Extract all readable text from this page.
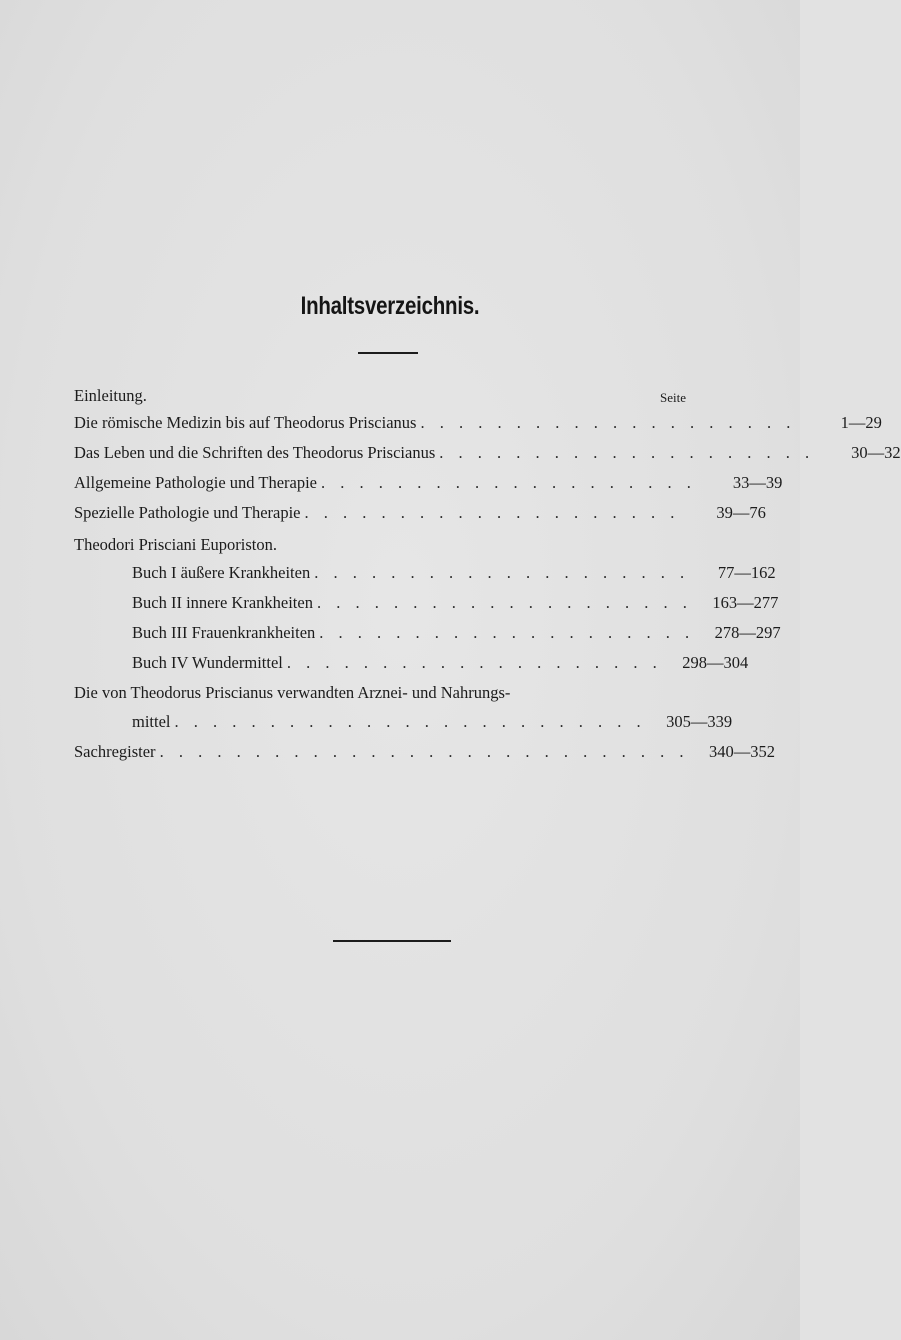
Inhaltsverzeichnis.
Einleitung.	Seite
Die römische Medizin bis auf Theodorus Priscianus . . . . . . . . . . . . . . . . . . . .	1—29
Das Leben und die Schriften des Theodorus Priscianus . . . . . . . . . . . . . . . . . . . .	30—32
Allgemeine Pathologie und Therapie . . . . . . . . . . . . . . . . . . . .	33—39
Spezielle Pathologie und Therapie . . . . . . . . . . . . . . . . . . . .	39—76
Theodori Prisciani Euporiston.
Buch I äußere Krankheiten . . . . . . . . . . . . . . . . . . . .	77—162
Buch II innere Krankheiten . . . . . . . . . . . . . . . . . . . .	163—277
Buch III Frauenkrankheiten . . . . . . . . . . . . . . . . . . . .	278—297
Buch IV Wundermittel . . . . . . . . . . . . . . . . . . . .	298—304
Die von Theodorus Priscianus verwandten Arznei- und Nahrungs-
mittel . . . . . . . . . . . . . . . . . . . . . . . . .	305—339
Sachregister . . . . . . . . . . . . . . . . . . . . . . . . . . . .	340—352
